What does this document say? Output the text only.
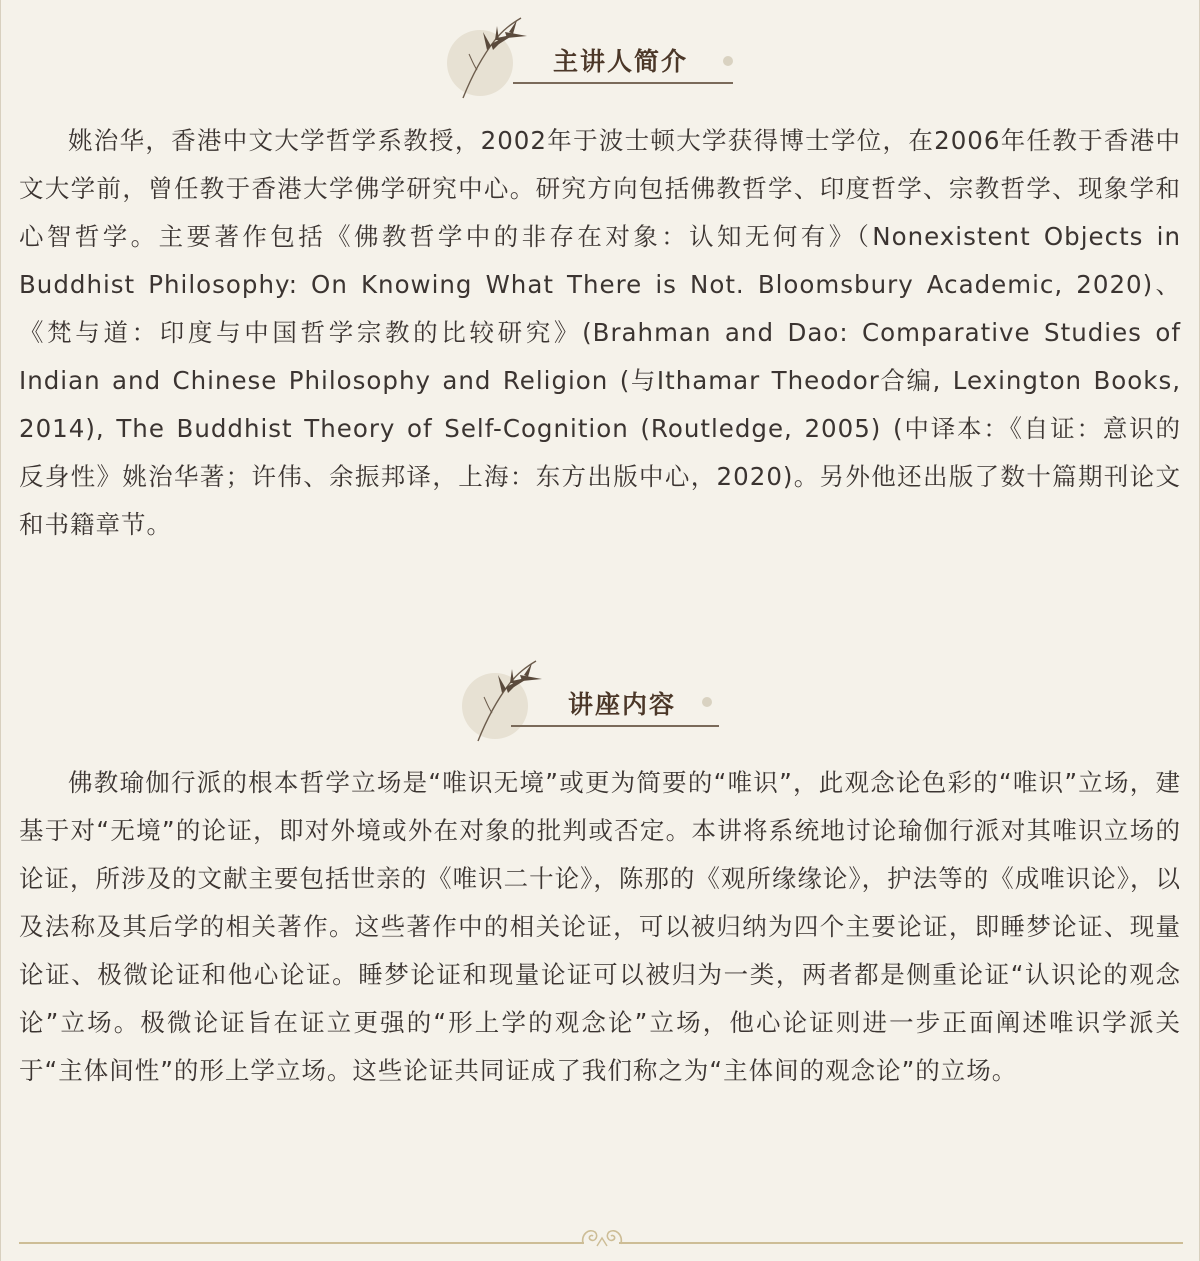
主讲人简介

姚治华，香港中文大学哲学系教授，2002年于波士顿大学获得博士学位，在2006年任教于香港中文大学前，曾任教于香港大学佛学研究中心。研究方向包括佛教哲学、印度哲学、宗教哲学、现象学和心智哲学。主要著作包括《佛教哲学中的非存在对象：认知无何有》（Nonexistent Objects in Buddhist Philosophy: On Knowing What There is Not. Bloomsbury Academic, 2020)、《梵与道：印度与中国哲学宗教的比较研究》(Brahman and Dao: Comparative Studies of Indian and Chinese Philosophy and Religion (与Ithamar Theodor合编, Lexington Books, 2014), The Buddhist Theory of Self-Cognition (Routledge, 2005) (中译本：《自证：意识的反身性》姚治华著；许伟、余振邦译，上海：东方出版中心，2020)。另外他还出版了数十篇期刊论文和书籍章节。

讲座内容

佛教瑜伽行派的根本哲学立场是“唯识无境”或更为简要的“唯识”，此观念论色彩的“唯识”立场，建基于对“无境”的论证，即对外境或外在对象的批判或否定。本讲将系统地讨论瑜伽行派对其唯识立场的论证，所涉及的文献主要包括世亲的《唯识二十论》，陈那的《观所缘缘论》，护法等的《成唯识论》，以及法称及其后学的相关著作。这些著作中的相关论证，可以被归纳为四个主要论证，即睡梦论证、现量论证、极微论证和他心论证。睡梦论证和现量论证可以被归为一类，两者都是侧重论证“认识论的观念论”立场。极微论证旨在证立更强的“形上学的观念论”立场，他心论证则进一步正面阐述唯识学派关于“主体间性”的形上学立场。这些论证共同证成了我们称之为“主体间的观念论”的立场。
